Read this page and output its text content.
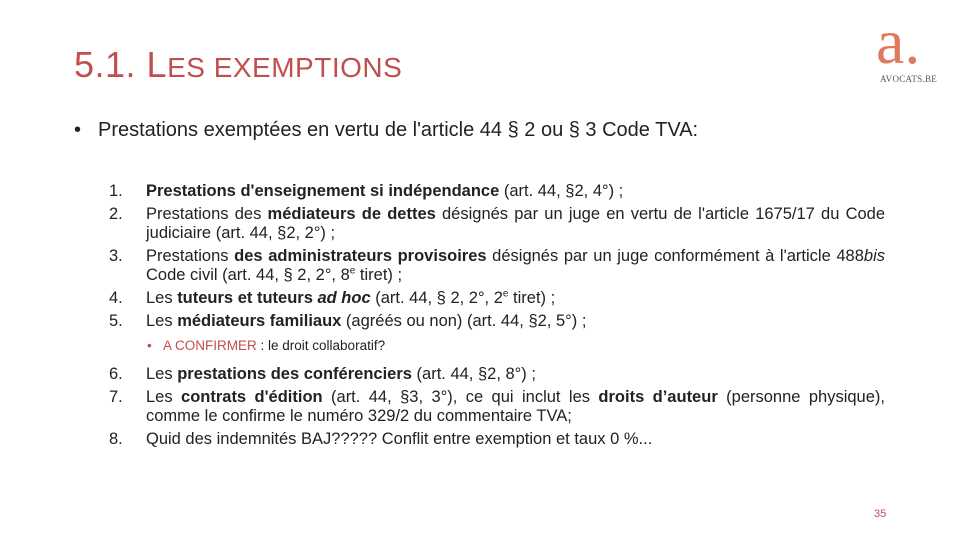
5.1. LES EXEMPTIONS	a.
AVOCATS.BE
• Prestations exemptées en vertu de l'article 44 § 2 ou § 3 Code TVA:
1.	Prestations d'enseignement si indépendance (art. 44, §2, 4°) ;
2.	Prestations des médiateurs de dettes désignés par un juge en vertu de l'article 1675/17 du Code judiciaire (art. 44, §2, 2°) ;
3.	Prestations des administrateurs provisoires désignés par un juge conformément à l'article 488bis Code civil (art. 44, § 2, 2°, 8e tiret) ;
4.	Les tuteurs et tuteurs ad hoc (art. 44, § 2, 2°, 2e tiret) ;
5.	Les médiateurs familiaux (agréés ou non) (art. 44, §2, 5°) ;
• A CONFIRMER : le droit collaboratif?
6.	Les prestations des conférenciers (art. 44, §2, 8°) ;
7.	Les contrats d'édition (art. 44, §3, 3°), ce qui inclut les droits d’auteur (personne physique), comme le confirme le numéro 329/2 du commentaire TVA;
8.	Quid des indemnités BAJ????? Conflit entre exemption et taux 0 %...
35
